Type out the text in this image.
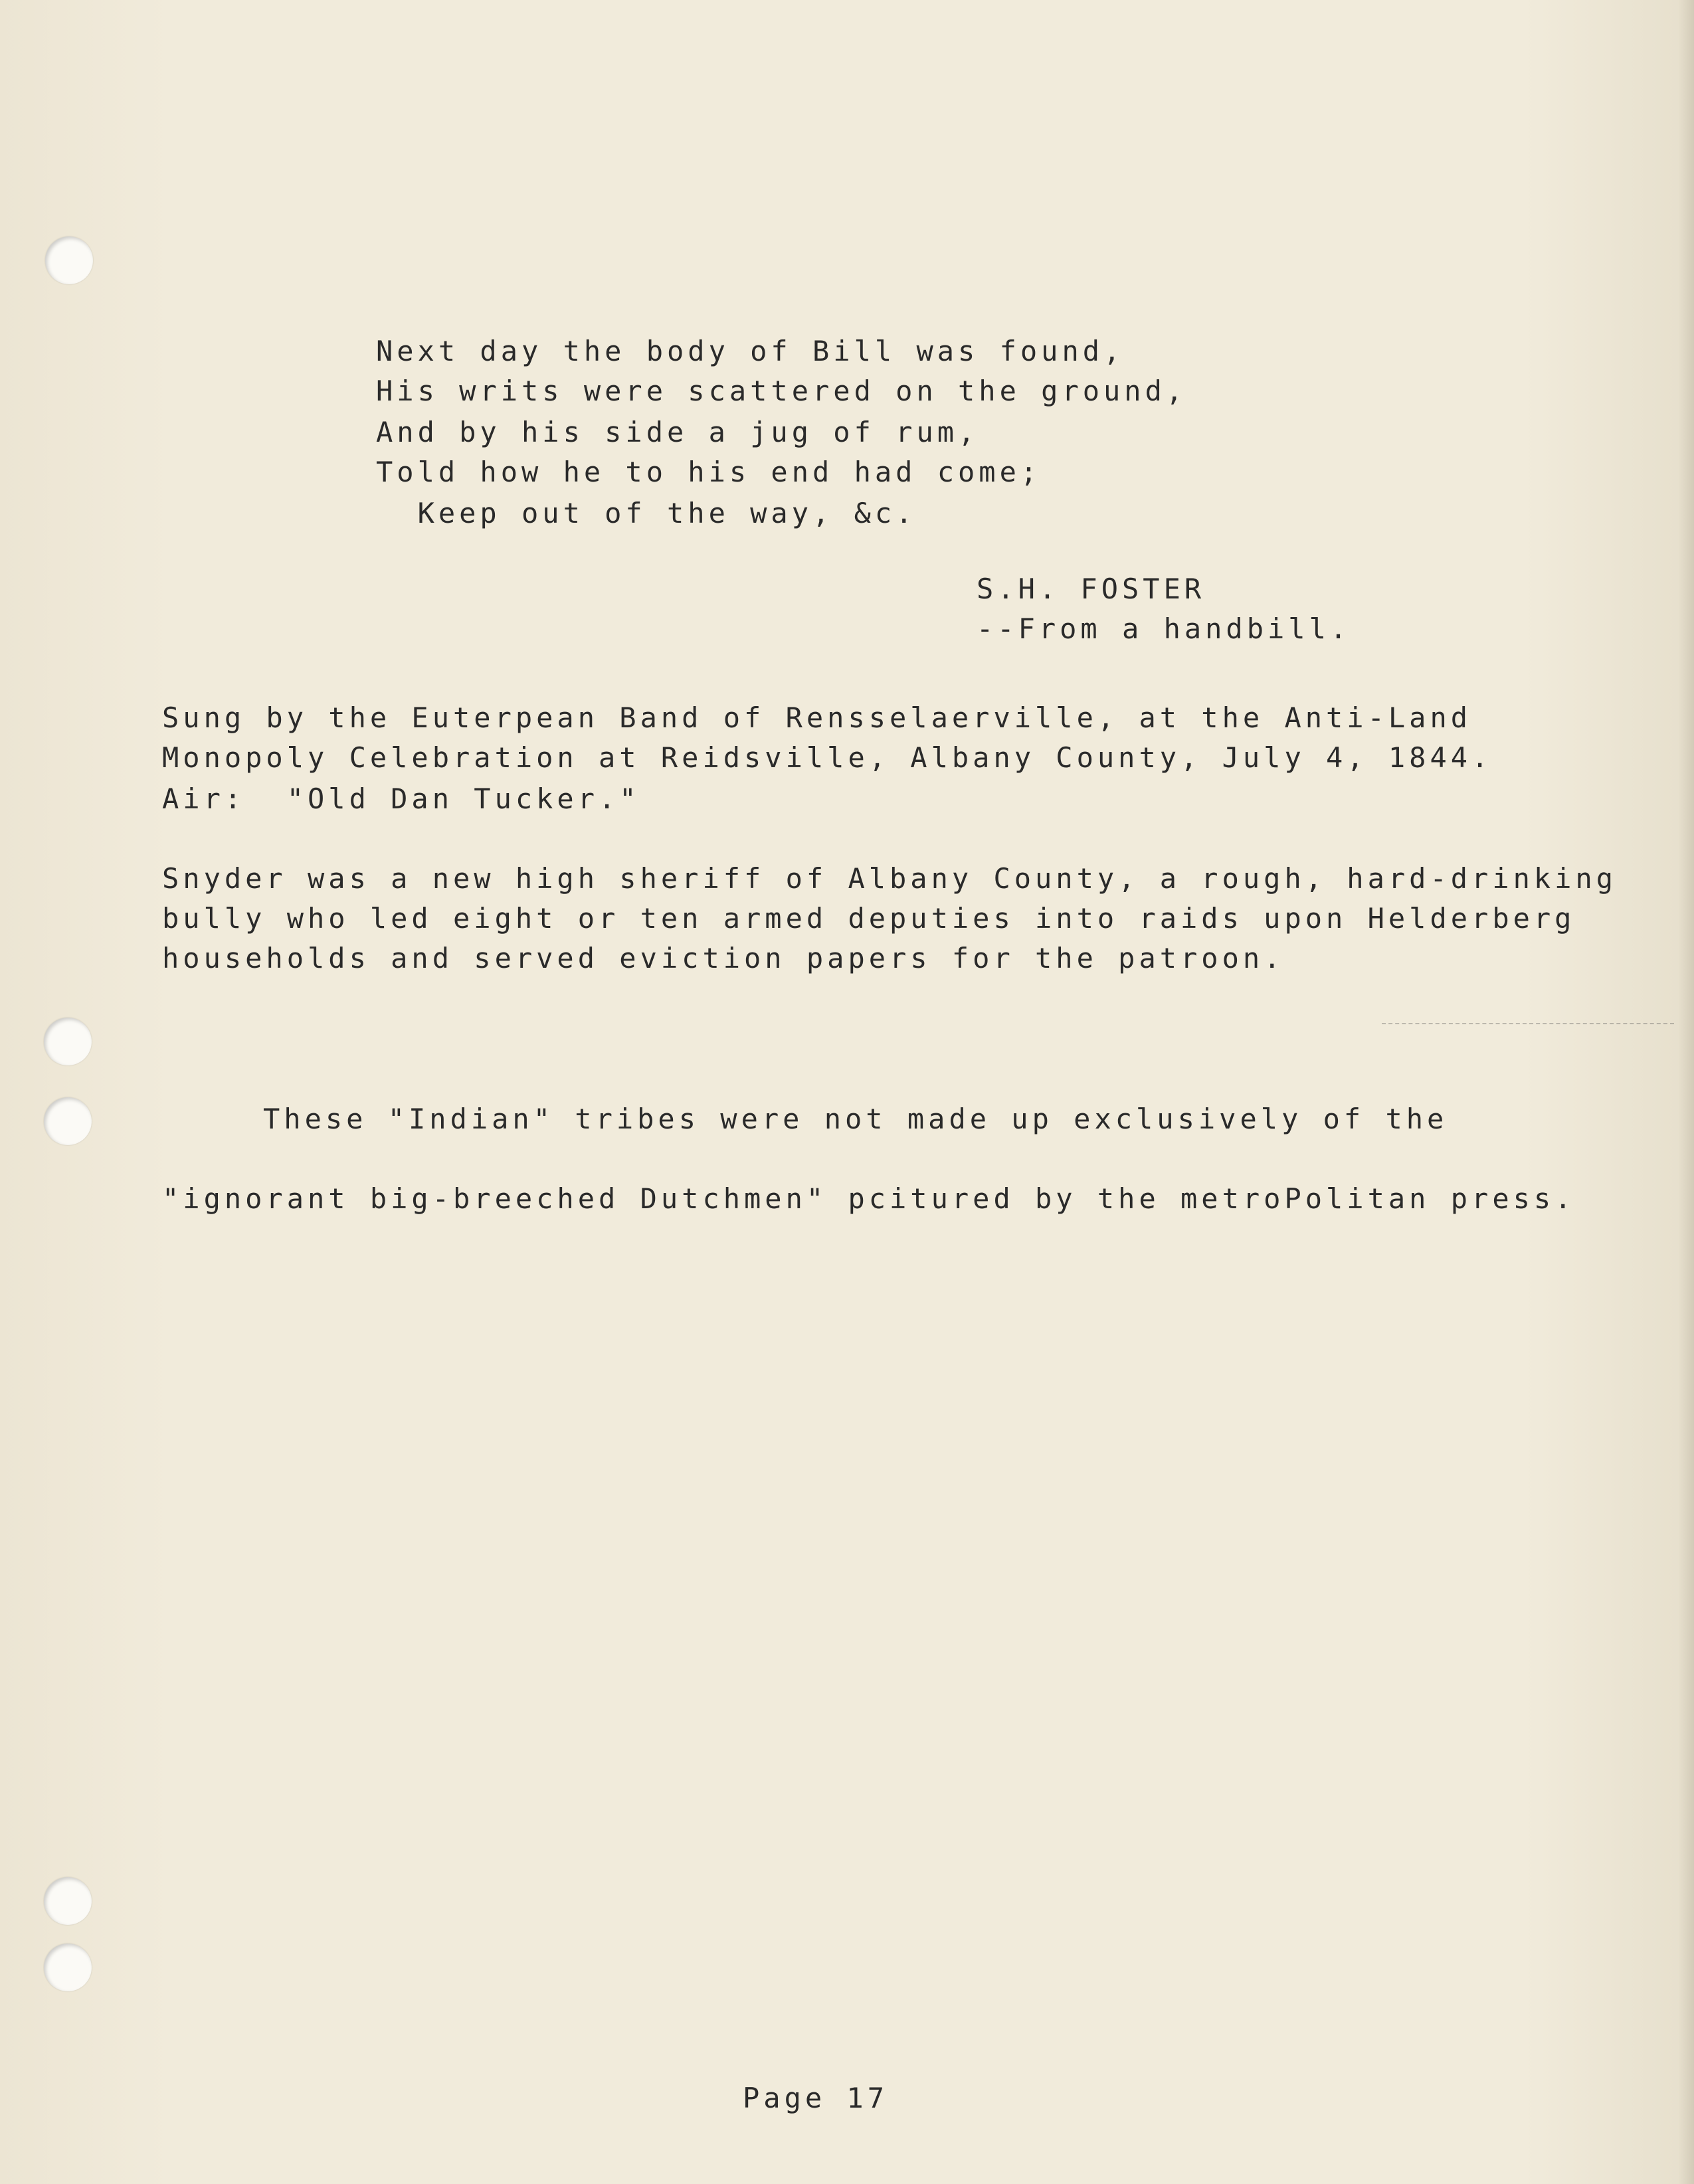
Next day the body of Bill was found,
His writs were scattered on the ground,
And by his side a jug of rum,
Told how he to his end had come;
Keep out of the way, &c.
S.H. FOSTER
--From a handbill.
Sung by the Euterpean Band of Rensselaerville, at the Anti-Land
Monopoly Celebration at Reidsville, Albany County, July 4, 1844.
Air:  "Old Dan Tucker."
Snyder was a new high sheriff of Albany County, a rough, hard-drinking
bully who led eight or ten armed deputies into raids upon Helderberg
households and served eviction papers for the patroon.
These "Indian" tribes were not made up exclusively of the
"ignorant big-breeched Dutchmen" pcitured by the metroPolitan press.
Page 17
